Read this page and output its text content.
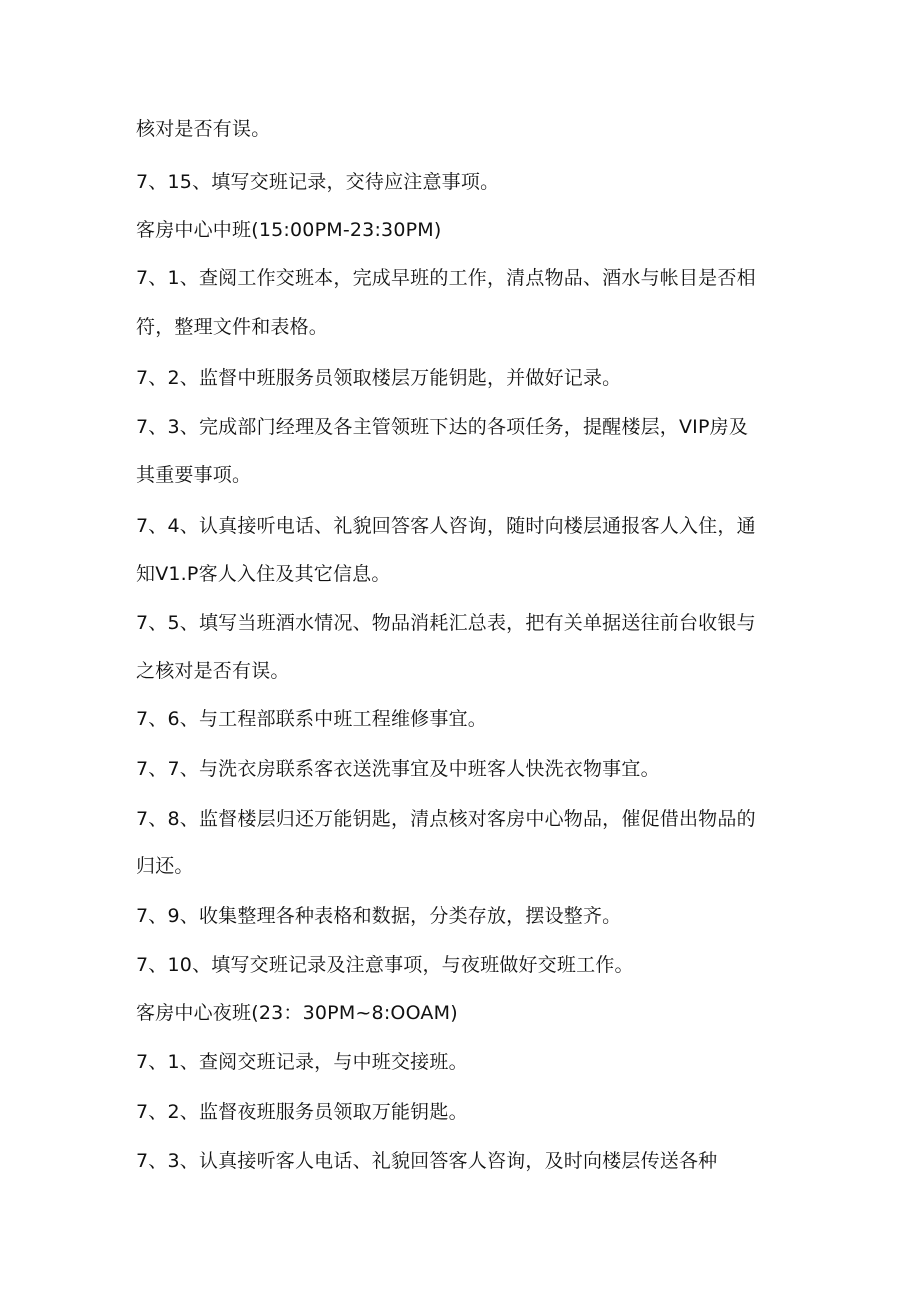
核对是否有误。
7、15、填写交班记录，交待应注意事项。
客房中心中班(15:00PM-23:30PM)
7、1、查阅工作交班本，完成早班的工作，清点物品、酒水与帐目是否相
符，整理文件和表格。
7、2、监督中班服务员领取楼层万能钥匙，并做好记录。
7、3、完成部门经理及各主管领班下达的各项任务，提醒楼层，VIP房及
其重要事项。
7、4、认真接听电话、礼貌回答客人咨询，随时向楼层通报客人入住，通
知V1.P客人入住及其它信息。
7、5、填写当班酒水情况、物品消耗汇总表，把有关单据送往前台收银与
之核对是否有误。
7、6、与工程部联系中班工程维修事宜。
7、7、与洗衣房联系客衣送洗事宜及中班客人快洗衣物事宜。
7、8、监督楼层归还万能钥匙，清点核对客房中心物品，催促借出物品的
归还。
7、9、收集整理各种表格和数据，分类存放，摆设整齐。
7、10、填写交班记录及注意事项，与夜班做好交班工作。
客房中心夜班(23：30PM~8:OOAM)
7、1、查阅交班记录，与中班交接班。
7、2、监督夜班服务员领取万能钥匙。
7、3、认真接听客人电话、礼貌回答客人咨询，及时向楼层传送各种
